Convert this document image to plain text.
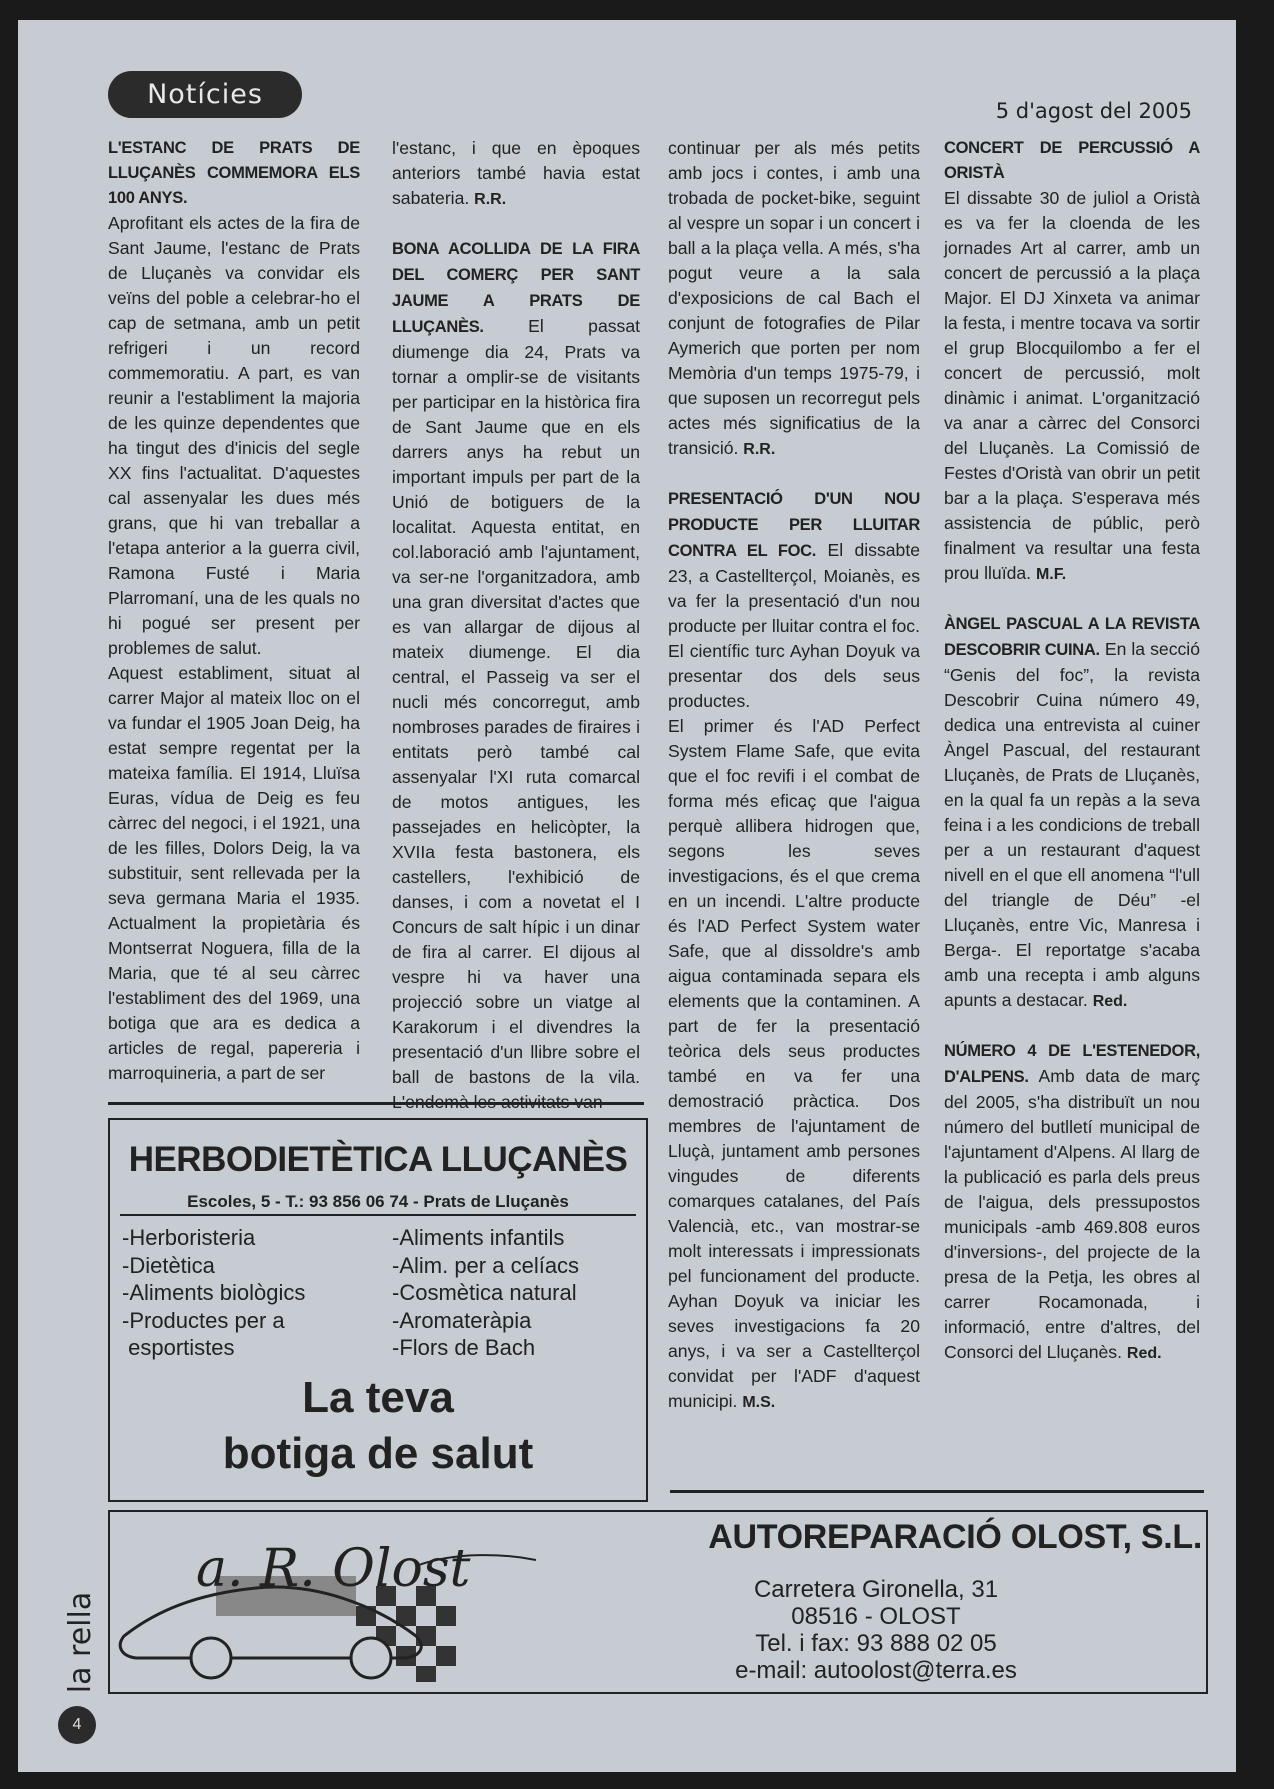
Notícies
5 d'agost del 2005

L'ESTANC DE PRATS DE LLUÇANÈS COMMEMORA ELS 100 ANYS.

Aprofitant els actes de la fira de Sant Jaume, l'estanc de Prats de Lluçanès va convidar els veïns del poble a celebrar-ho el cap de setmana, amb un petit refrigeri i un record commemoratiu. A part, es van reunir a l'establiment la majoria de les quinze dependentes que ha tingut des d'inicis del segle XX fins l'actualitat. D'aquestes cal assenyalar les dues més grans, que hi van treballar a l'etapa anterior a la guerra civil, Ramona Fusté i Maria Plarromaní, una de les quals no hi pogué ser present per problemes de salut.

Aquest establiment, situat al carrer Major al mateix lloc on el va fundar el 1905 Joan Deig, ha estat sempre regentat per la mateixa família. El 1914, Lluïsa Euras, vídua de Deig es feu càrrec del negoci, i el 1921, una de les filles, Dolors Deig, la va substituir, sent rellevada per la seva germana Maria el 1935. Actualment la propietària és Montserrat Noguera, filla de la Maria, que té al seu càrrec l'establiment des del 1969, una botiga que ara es dedica a articles de regal, papereria i marroquineria, a part de ser

l'estanc, i que en èpoques anteriors també havia estat sabateria. R.R.

BONA ACOLLIDA DE LA FIRA DEL COMERÇ PER SANT JAUME A PRATS DE LLUÇANÈS.	El passat diumenge dia 24, Prats va tornar a omplir-se de visitants per participar en la històrica fira de Sant Jaume que en els darrers anys ha rebut un important impuls per part de la Unió de botiguers de la localitat. Aquesta entitat, en col.laboració amb l'ajuntament, va ser-ne l'organitzadora, amb una gran diversitat d'actes que es van allargar de dijous al mateix diumenge. El dia central, el Passeig va ser el nucli més concorregut, amb nombroses parades de firaires i entitats però també cal assenyalar l'XI ruta comarcal de motos antigues, les passejades en helicòpter, la XVIIa festa bastonera, els castellers, l'exhibició de danses, i com a novetat el I Concurs de salt hípic i un dinar de fira al carrer. El dijous al vespre hi va haver una projecció sobre un viatge al Karakorum i el divendres la presentació d'un llibre sobre el ball de bastons de la vila.

continuar per als més petits amb jocs i contes, i amb una trobada de pocket-bike, seguint al vespre un sopar i un concert i ball a la plaça vella. A més, s'ha pogut veure a la sala d'exposicions de cal Bach el conjunt de fotografies de Pilar Aymerich que porten per nom Memòria d'un temps 1975-79, i que suposen un recorregut pels actes més significatius de la transició. R.R.

PRESENTACIÓ D'UN NOU PRODUCTE PER LLUITAR CONTRA EL FOC. El dissabte 23, a Castellterçol, Moianès, es va fer la presentació d'un nou producte per lluitar contra el foc. El científic turc Ayhan Doyuk va presentar dos dels seus productes.

El primer és l'AD Perfect System Flame Safe, que evita que el foc revifi i el combat de forma més eficaç que l'aigua perquè allibera hidrogen que, segons les seves investigacions, és el que crema en un incendi. L'altre producte és l'AD Perfect System water Safe, que al dissoldre's amb aigua contaminada separa els elements que la contaminen. A part de fer la presentació teòrica dels seus productes també en va fer una demostració pràctica. Dos membres de l'ajuntament de Lluçà, juntament amb persones vingudes de diferents comarques catalanes, del País Valencià, etc., van mostrar-se molt interessats i impressionats pel funcionament del producte. Ayhan Doyuk va iniciar les seves investigacions fa 20 anys, i va ser a Castellterçol convidat per l'ADF d'aquest municipi. M.S.

CONCERT DE PERCUSSIÓ A ORISTÀ

El dissabte 30 de juliol a Oristà es va fer la cloenda de les jornades Art al carrer, amb un concert de percussió a la plaça Major. El DJ Xinxeta va animar la festa, i mentre tocava va sortir el grup Blocquilombo a fer el concert de percussió, molt dinàmic i animat. L'organització va anar a càrrec del Consorci del Lluçanès. La Comissió de Festes d'Oristà van obrir un petit bar a la plaça. S'esperava més assistencia de públic, però finalment va resultar una festa prou lluïda. M.F.

ÀNGEL PASCUAL A LA REVISTA DESCOBRIR CUINA. En la secció “Genis del foc”, la revista Descobrir Cuina número 49, dedica una entrevista al cuiner Àngel Pascual, del restaurant Lluçanès, de Prats de Lluçanès, en la qual fa un repàs a la seva feina i a les condicions de treball per a un restaurant d'aquest nivell en el que ell anomena “l'ull del triangle de Déu” -el Lluçanès, entre Vic, Manresa i Berga-. El reportatge s'acaba amb una recepta i amb alguns apunts a destacar. Red.

NÚMERO 4 DE L'ESTENEDOR, D'ALPENS. Amb data de març del 2005, s'ha distribuït un nou número del butlletí municipal de l'ajuntament d'Alpens. Al llarg de la publicació es parla dels preus de l'aigua, dels pressupostos municipals -amb 469.808 euros d'inversions-, del projecte de la presa de la Petja, les obres al carrer Rocamonada, i informació, entre d'altres, del Consorci del Lluçanès. Red.

HERBODIETÈTICA LLUÇANÈS
Escoles, 5 - T.: 93 856 06 74 - Prats de Lluçanès
-Herboristeria
-Dietètica
-Aliments biològics
-Productes per a
esportistes
-Aliments infantils
-Alim. per a celíacs
-Cosmètica natural
-Aromateràpia
-Flors de Bach
La teva
botiga de salut
a. R. Olost
AUTOREPARACIÓ OLOST, S.L.
Carretera Gironella, 31
08516 - OLOST
Tel. i fax: 93 888 02 05
e-mail: autoolost@terra.es
la rella
4
